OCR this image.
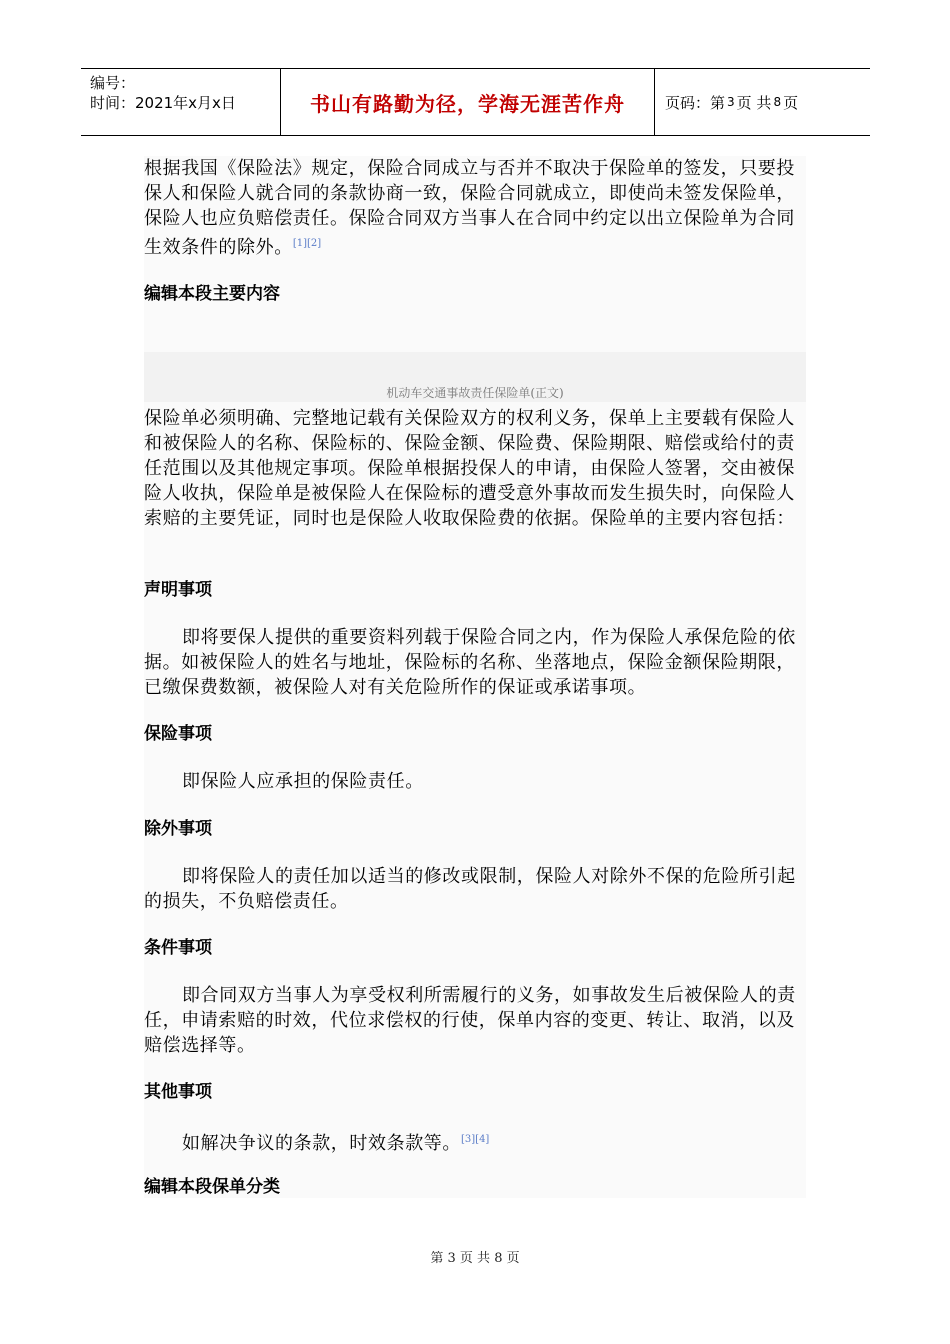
编号：
时间：2021年x月x日	书山有路勤为径，学海无涯苦作舟	页码：第 3 页 共 8 页
根据我国《保险法》规定，保险合同成立与否并不取决于保险单的签发，只要投保人和保险人就合同的条款协商一致，保险合同就成立，即使尚未签发保险单，保险人也应负赔偿责任。保险合同双方当事人在合同中约定以出立保险单为合同生效条件的除外。[1][2]
编辑本段主要内容
机动车交通事故责任保险单(正文)
保险单必须明确、完整地记载有关保险双方的权利义务，保单上主要载有保险人和被保险人的名称、保险标的、保险金额、保险费、保险期限、赔偿或给付的责任范围以及其他规定事项。保险单根据投保人的申请，由保险人签署，交由被保险人收执，保险单是被保险人在保险标的遭受意外事故而发生损失时，向保险人索赔的主要凭证，同时也是保险人收取保险费的依据。保险单的主要内容包括：
声明事项
即将要保人提供的重要资料列载于保险合同之内，作为保险人承保危险的依据。如被保险人的姓名与地址，保险标的名称、坐落地点，保险金额保险期限，已缴保费数额，被保险人对有关危险所作的保证或承诺事项。
保险事项
即保险人应承担的保险责任。
除外事项
即将保险人的责任加以适当的修改或限制，保险人对除外不保的危险所引起的损失，不负赔偿责任。
条件事项
即合同双方当事人为享受权利所需履行的义务，如事故发生后被保险人的责任，申请索赔的时效，代位求偿权的行使，保单内容的变更、转让、取消，以及赔偿选择等。
其他事项
如解决争议的条款，时效条款等。[3][4]
编辑本段保单分类
第 3 页 共 8 页
